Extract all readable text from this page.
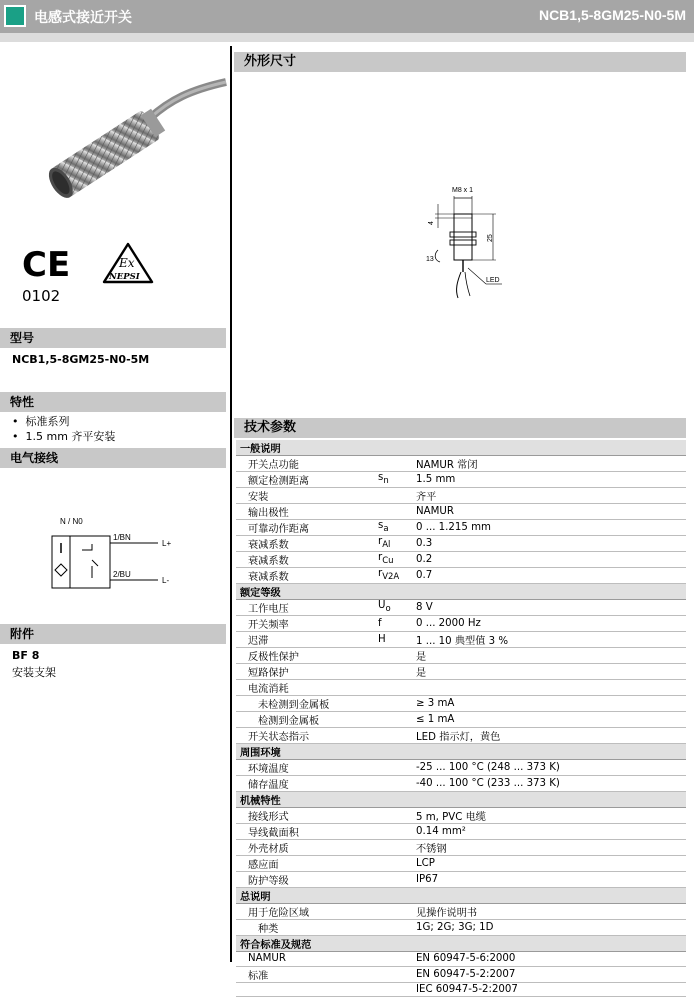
电感式接近开关	NCB1,5-8GM25-N0-5M
CE
0102
Ex
NEPSI
型号
NCB1,5-8GM25-N0-5M
特性
•  标准系列
•  1.5 mm 齐平安装
电气接线
N / N0
1/BN
2/BU
L+
L-
附件
BF 8
安装支架
外形尺寸
M8 x 1
4
25
13
LED
技术参数
一般说明		
开关点功能		NAMUR 常闭
额定检测距离	$s_n$	1.5 mm
安装		齐平
输出极性		NAMUR
可靠动作距离	$s_a$	0 ... 1.215 mm
衰减系数	$r_{Al}$	0.3
衰减系数	$r_{Cu}$	0.2
衰减系数	$r_{V2A}$	0.7
额定等级		
工作电压	$U_o$	8 V
开关频率	f	0 ... 2000 Hz
迟滞	H	1 ... 10 典型值 3 %
反极性保护		是
短路保护		是
电流消耗		
未检测到金属板		≥ 3 mA
检测到金属板		≤ 1 mA
开关状态指示		LED 指示灯，黄色
周围环境		
环境温度		-25 ... 100 °C (248 ... 373 K)
储存温度		-40 ... 100 °C (233 ... 373 K)
机械特性		
接线形式		5 m, PVC 电缆
导线截面积		0.14 mm²
外壳材质		不锈钢
感应面		LCP
防护等级		IP67
总说明		
用于危险区域		见操作说明书
种类		1G; 2G; 3G; 1D
符合标准及规范		
NAMUR		EN 60947-5-6:2000
标准		EN 60947-5-2:2007
		IEC 60947-5-2:2007
